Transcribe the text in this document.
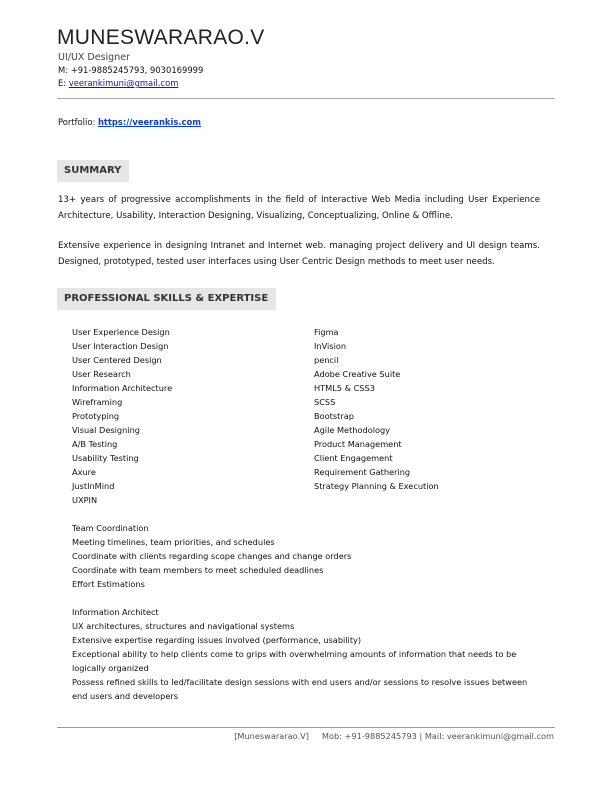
MUNESWARARAO.V
UI/UX Designer
M: +91-9885245793, 9030169999
E: veerankimuni@gmail.com
Portfolio: https://veerankis.com
SUMMARY
13+ years of progressive accomplishments in the field of Interactive Web Media including User Experience Architecture, Usability, Interaction Designing, Visualizing, Conceptualizing, Online & Offline.
Extensive experience in designing Intranet and Internet web. managing project delivery and UI design teams. Designed, prototyped, tested user interfaces using User Centric Design methods to meet user needs.
PROFESSIONAL SKILLS & EXPERTISE
User Experience Design
User Interaction Design
User Centered Design
User Research
Information Architecture
Wireframing
Prototyping
Visual Designing
A/B Testing
Usability Testing
Axure
JustInMind
UXPIN
Figma
InVision
pencil
Adobe Creative Suite
HTML5 & CSS3
SCSS
Bootstrap
Agile Methodology
Product Management
Client Engagement
Requirement Gathering
Strategy Planning & Execution
Team Coordination
Meeting timelines, team priorities, and schedules
Coordinate with clients regarding scope changes and change orders
Coordinate with team members to meet scheduled deadlines
Effort Estimations
Information Architect
UX architectures, structures and navigational systems
Extensive expertise regarding issues involved (performance, usability)
Exceptional ability to help clients come to grips with overwhelming amounts of information that needs to be logically organized
Possess refined skills to led/facilitate design sessions with end users and/or sessions to resolve issues between end users and developers
[Muneswararao.V]     Mob: +91-9885245793 | Mail: veerankimuni@gmail.com
